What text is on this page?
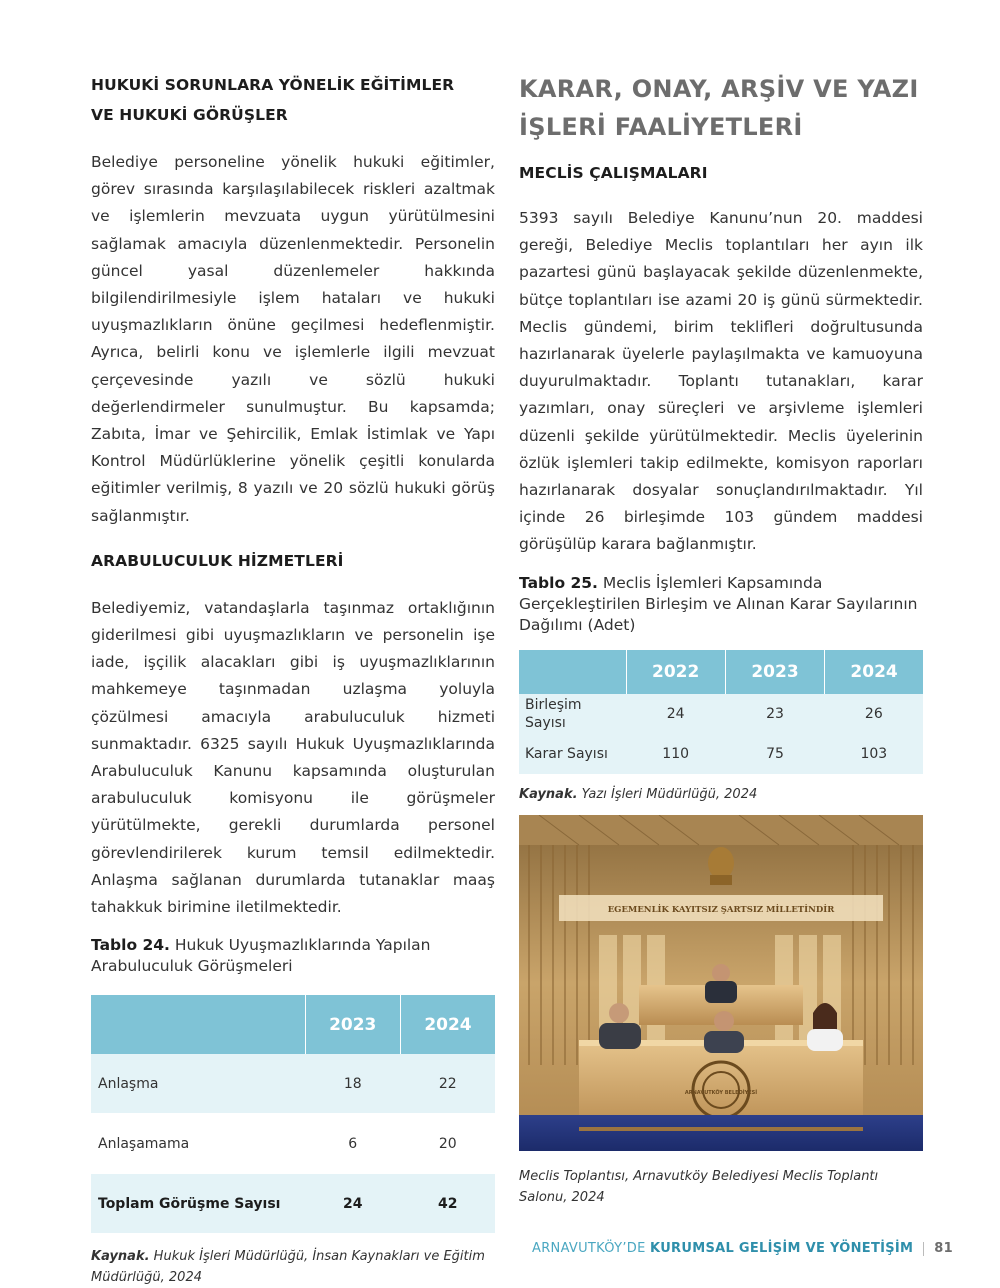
HUKUKİ SORUNLARA YÖNELİK EĞİTİMLER
VE HUKUKİ GÖRÜŞLER

Belediye personeline yönelik hukuki eğitimler, görev sırasında karşılaşılabilecek riskleri azaltmak ve işlemlerin mevzuata uygun yürütülmesini sağlamak amacıyla düzenlenmektedir. Personelin güncel yasal düzenlemeler hakkında bilgilendirilmesiyle işlem hataları ve hukuki uyuşmazlıkların önüne geçilmesi hedeflenmiştir. Ayrıca, belirli konu ve işlemlerle ilgili mevzuat çerçevesinde yazılı ve sözlü hukuki değerlendirmeler sunulmuştur. Bu kapsamda; Zabıta, İmar ve Şehircilik, Emlak İstimlak ve Yapı Kontrol Müdürlüklerine yönelik çeşitli konularda eğitimler verilmiş, 8 yazılı ve 20 sözlü hukuki görüş sağlanmıştır.

ARABULUCULUK HİZMETLERİ

Belediyemiz, vatandaşlarla taşınmaz ortaklığının giderilmesi gibi uyuşmazlıkların ve personelin işe iade, işçilik alacakları gibi iş uyuşmazlıklarının mahkemeye taşınmadan uzlaşma yoluyla çözülmesi amacıyla arabuluculuk hizmeti sunmaktadır. 6325 sayılı Hukuk Uyuşmazlıklarında Arabuluculuk Kanunu kapsamında oluşturulan arabuluculuk komisyonu ile görüşmeler yürütülmekte, gerekli durumlarda personel görevlendirilerek kurum temsil edilmektedir. Anlaşma sağlanan durumlarda tutanaklar maaş tahakkuk birimine iletilmektedir.

Tablo 24. Hukuk Uyuşmazlıklarında Yapılan Arabuluculuk Görüşmeleri

	2023	2024
Anlaşma	18	22
Anlaşamama	6	20
Toplam Görüşme Sayısı	24	42

Kaynak. Hukuk İşleri Müdürlüğü, İnsan Kaynakları ve Eğitim Müdürlüğü, 2024

KARAR, ONAY, ARŞİV VE YAZI
İŞLERİ FAALİYETLERİ
MECLİS ÇALIŞMALARI

5393 sayılı Belediye Kanunu’nun 20. maddesi gereği, Belediye Meclis toplantıları her ayın ilk pazartesi günü başlayacak şekilde düzenlenmekte, bütçe toplantıları ise azami 20 iş günü sürmektedir. Meclis gündemi, birim teklifleri doğrultusunda hazırlanarak üyelerle paylaşılmakta ve kamuoyuna duyurulmaktadır. Toplantı tutanakları, karar yazımları, onay süreçleri ve arşivleme işlemleri düzenli şekilde yürütülmektedir. Meclis üyelerinin özlük işlemleri takip edilmekte, komisyon raporları hazırlanarak dosyalar sonuçlandırılmaktadır. Yıl içinde 26 birleşimde 103 gündem maddesi görüşülüp karara bağlanmıştır.

Tablo 25. Meclis İşlemleri Kapsamında Gerçekleştirilen Birleşim ve Alınan Karar Sayılarının Dağılımı (Adet)

	2022	2023	2024
Birleşim Sayısı	24	23	26
Karar Sayısı	110	75	103

Kaynak. Yazı İşleri Müdürlüğü, 2024

EGEMENLİK KAYITSIZ ŞARTSIZ MİLLETİNDİR
ARNAVUTKÖY BELEDİYESİ

Meclis Toplantısı, Arnavutköy Belediyesi Meclis Toplantı Salonu, 2024

ARNAVUTKÖY’DE KURUMSAL GELİŞİM VE YÖNETİŞİM 81
